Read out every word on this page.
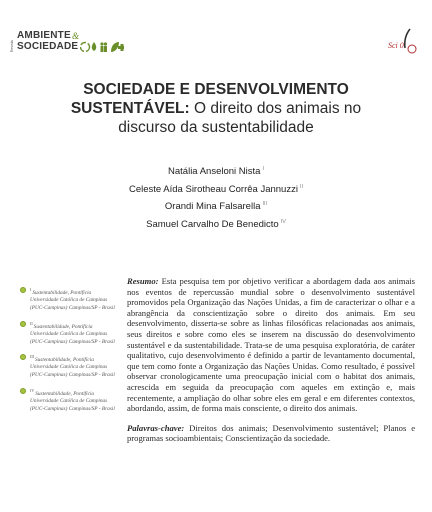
Revista
AMBIENTE &
SOCIEDADE	Sci 0
SOCIEDADE E DESENVOLVIMENTO SUSTENTÁVEL: O direito dos animais no discurso da sustentabilidade
Natália Anseloni Nista $^I$
Celeste Aída Sirotheau Corrêa Jannuzzi $^{II}$
Orandi Mina Falsarella $^{III}$
Samuel Carvalho De Benedicto $^{IV}$
$^I$Sustentabilidade, Pontifícia Universidade Católica de Campinas (PUC-Campinas) Campinas/SP - Brasil
$^{II}$Sustentabilidade, Pontifícia Universidade Católica de Campinas (PUC-Campinas) Campinas/SP - Brasil
$^{III}$Sustentabilidade, Pontifícia Universidade Católica de Campinas (PUC-Campinas) Campinas/SP - Brasil
$^{IV}$Sustentabilidade, Pontifícia Universidade Católica de Campinas (PUC-Campinas) Campinas/SP - Brasil

Resumo: Esta pesquisa tem por objetivo verificar a abordagem dada aos animais nos eventos de repercussão mundial sobre o desenvolvimento sustentável promovidos pela Organização das Nações Unidas, a fim de caracterizar o olhar e a abrangência da conscientização sobre o direito dos animais. Em seu desenvolvimento, disserta-se sobre as linhas filosóficas relacionadas aos animais, seus direitos e sobre como eles se inserem na discussão do desenvolvimento sustentável e da sustentabilidade. Trata-se de uma pesquisa exploratória, de caráter qualitativo, cujo desenvolvimento é definido a partir de levantamento documental, que tem como fonte a Organização das Nações Unidas. Como resultado, é possível observar cronologicamente uma preocupação inicial com o habitat dos animais, acrescida em seguida da preocupação com aqueles em extinção e, mais recentemente, a ampliação do olhar sobre eles em geral e em diferentes contextos, abordando, assim, de forma mais consciente, o direito dos animais.

Palavras-chave: Direitos dos animais; Desenvolvimento sustentável; Planos e programas socioambientais; Conscientização da sociedade.
